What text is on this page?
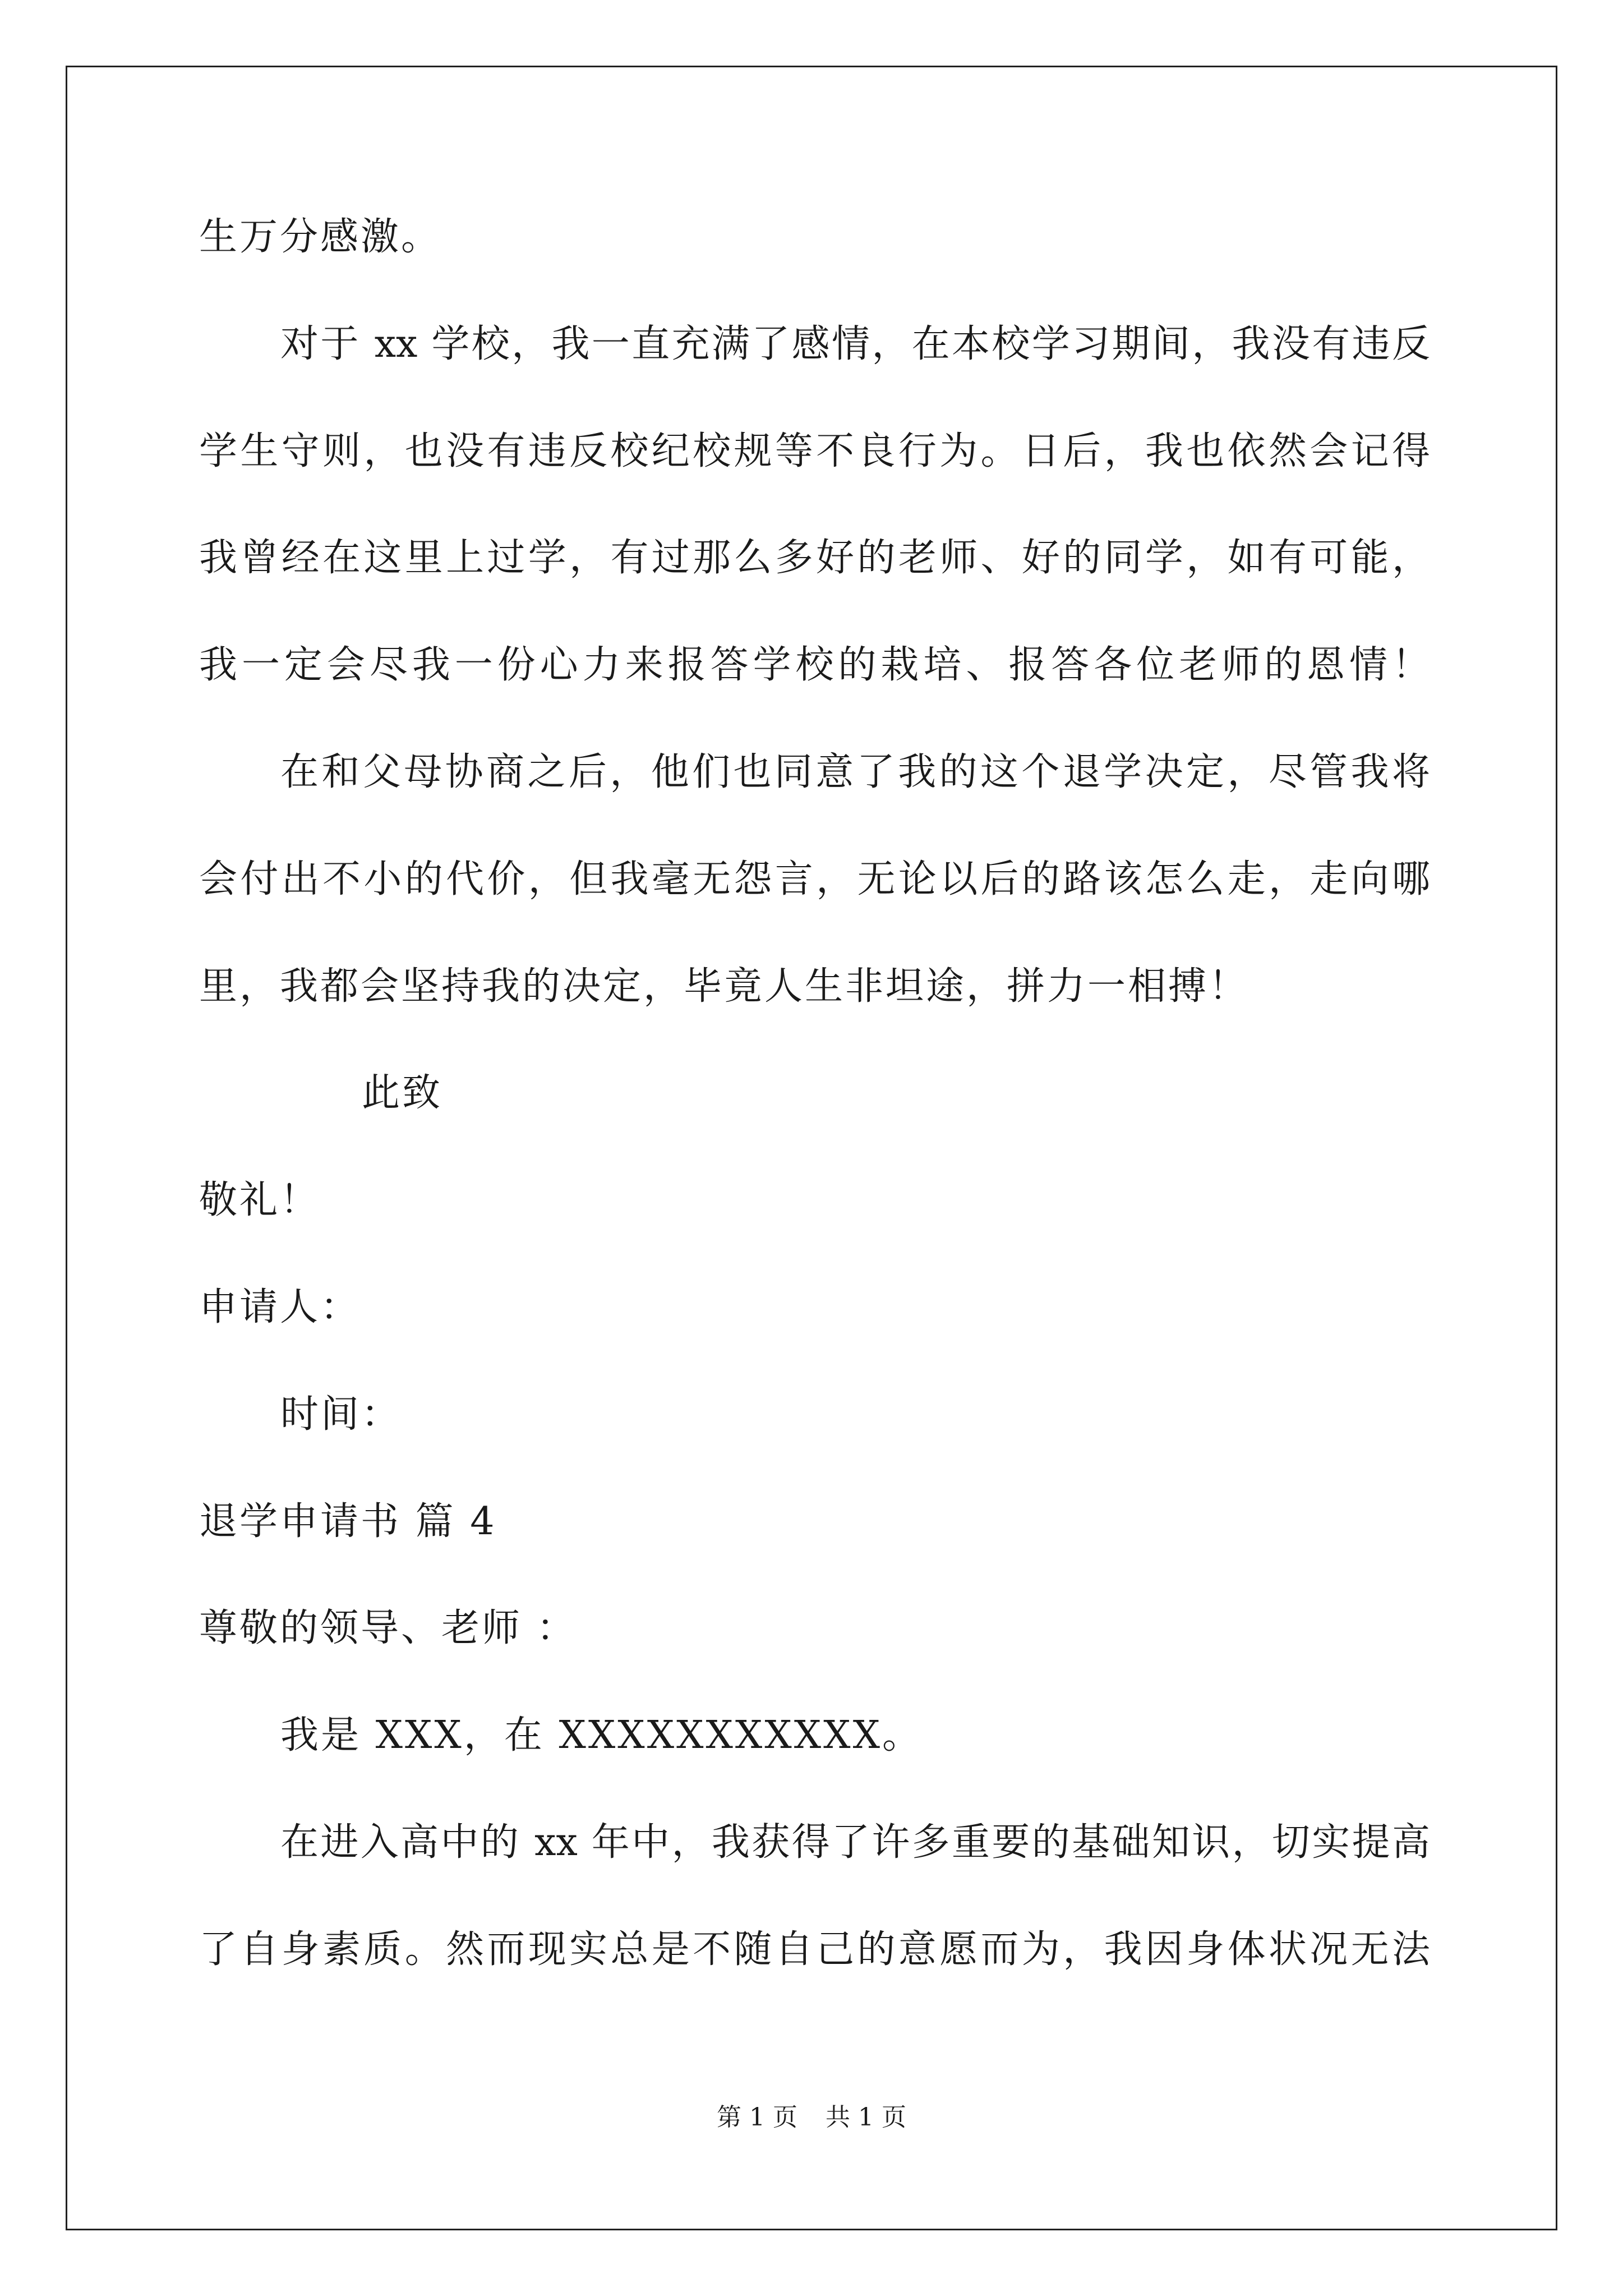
生万分感激。
对于 xx 学校，我一直充满了感情，在本校学习期间，我没有违反
学生守则，也没有违反校纪校规等不良行为。日后，我也依然会记得
我曾经在这里上过学，有过那么多好的老师、好的同学，如有可能，
我一定会尽我一份心力来报答学校的栽培、报答各位老师的恩情！
在和父母协商之后，他们也同意了我的这个退学决定，尽管我将
会付出不小的代价，但我毫无怨言，无论以后的路该怎么走，走向哪
里，我都会坚持我的决定，毕竟人生非坦途，拼力一相搏！
此致
敬礼！
申请人：
时间：
退学申请书 篇 4
尊敬的领导、老师 ：
我是 XXX，在 XXXXXXXXXXX。
在进入高中的 xx 年中，我获得了许多重要的基础知识，切实提高
了自身素质。然而现实总是不随自己的意愿而为，我因身体状况无法
第 1 页 共 1 页
